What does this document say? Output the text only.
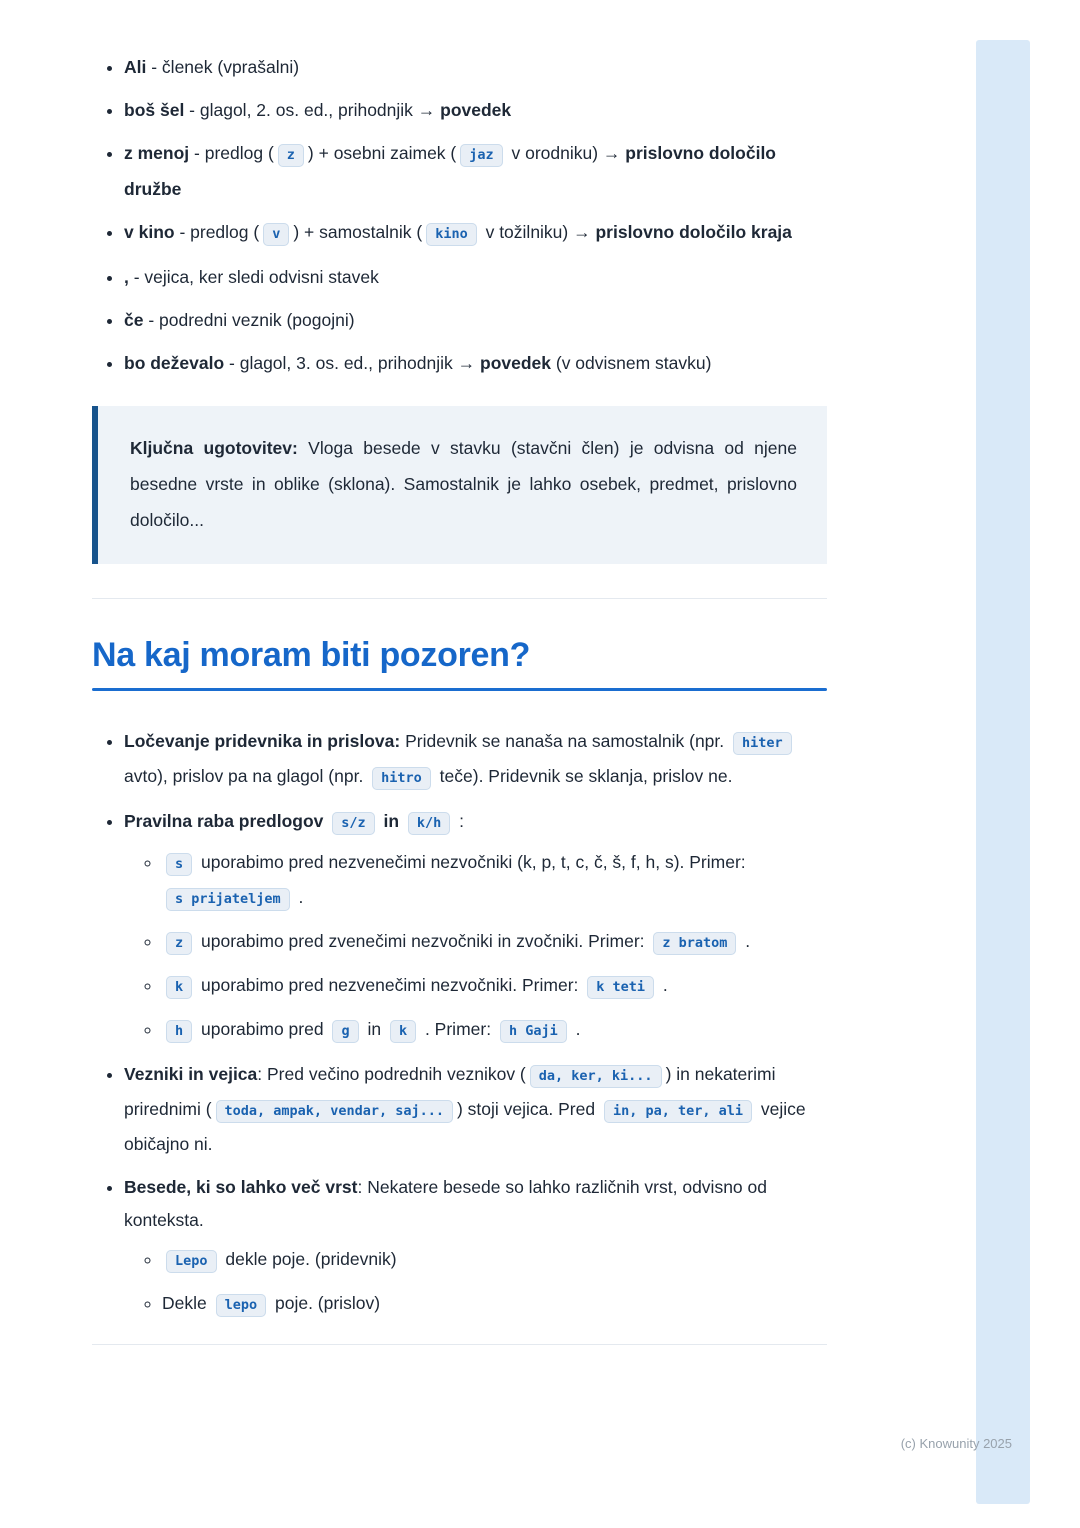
• Ali - členek (vprašalni)
• boš šel - glagol, 2. os. ed., prihodnjik → povedek
• z menoj - predlog ( z ) + osebni zaimek ( jaz v orodniku) → prislovno določilo družbe
• v kino - predlog ( v ) + samostalnik ( kino v tožilniku) → prislovno določilo kraja
• , - vejica, ker sledi odvisni stavek
• če - podredni veznik (pogojni)
• bo deževalo - glagol, 3. os. ed., prihodnjik → povedek (v odvisnem stavku)
Ključna ugotovitev: Vloga besede v stavku (stavčni člen) je odvisna od njene besedne vrste in oblike (sklona). Samostalnik je lahko osebek, predmet, prislovno določilo...
Na kaj moram biti pozoren?
• Ločevanje pridevnika in prislova: Pridevnik se nanaša na samostalnik (npr. hiter avto), prislov pa na glagol (npr. hitro teče). Pridevnik se sklanja, prislov ne.
• Pravilna raba predlogov s/z in k/h :
◦ s uporabimo pred nezvenečimi nezvočniki (k, p, t, c, č, š, f, h, s). Primer: s prijateljem .
◦ z uporabimo pred zvenečimi nezvočniki in zvočniki. Primer: z bratom .
◦ k uporabimo pred nezvenečimi nezvočniki. Primer: k teti .
◦ h uporabimo pred g in k . Primer: h Gaji .
• Vezniki in vejica: Pred večino podrednih veznikov ( da, ker, ki... ) in nekaterimi prirednimi ( toda, ampak, vendar, saj... ) stoji vejica. Pred in, pa, ter, ali vejice običajno ni.
• Besede, ki so lahko več vrst: Nekatere besede so lahko različnih vrst, odvisno od konteksta.
◦ Lepo dekle poje. (pridevnik)
◦ Dekle lepo poje. (prislov)
(c) Knowunity 2025
